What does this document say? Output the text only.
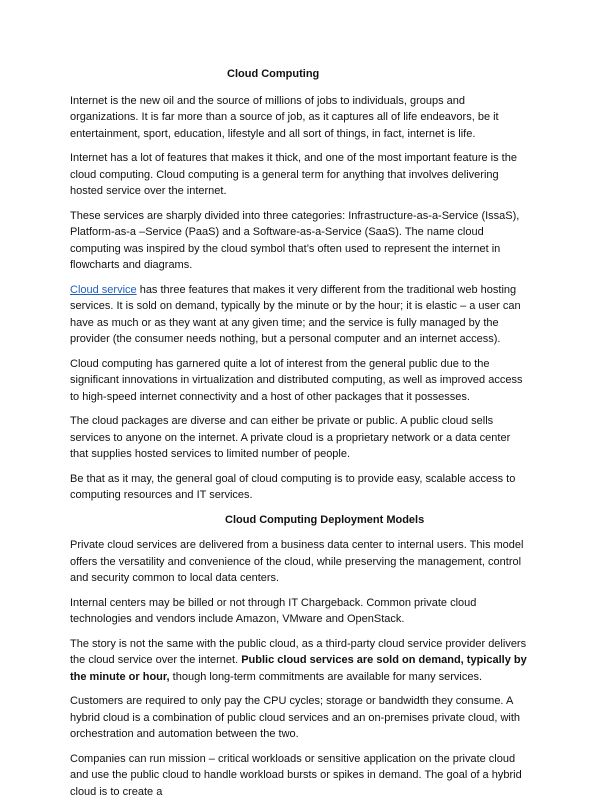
Cloud Computing

Internet is the new oil and the source of millions of jobs to individuals, groups and organizations. It is far more than a source of job, as it captures all of life endeavors, be it entertainment, sport, education, lifestyle and all sort of things, in fact, internet is life.

Internet has a lot of features that makes it thick, and one of the most important feature is the cloud computing. Cloud computing is a general term for anything that involves delivering hosted service over the internet.

These services are sharply divided into three categories: Infrastructure-as-a-Service (IssaS), Platform-as-a –Service (PaaS) and a Software-as-a-Service (SaaS). The name cloud computing was inspired by the cloud symbol that’s often used to represent the internet in flowcharts and diagrams.

Cloud service has three features that makes it very different from the traditional web hosting services. It is sold on demand, typically by the minute or by the hour; it is elastic – a user can have as much or as they want at any given time; and the service is fully managed by the provider (the consumer needs nothing, but a personal computer and an internet access).

Cloud computing has garnered quite a lot of interest from the general public due to the significant innovations in virtualization and distributed computing, as well as improved access to high-speed internet connectivity and a host of other packages that it possesses.

The cloud packages are diverse and can either be private or public. A public cloud sells services to anyone on the internet. A private cloud is a proprietary network or a data center that supplies hosted services to limited number of people.

Be that as it may, the general goal of cloud computing is to provide easy, scalable access to computing resources and IT services.

Cloud Computing Deployment Models

Private cloud services are delivered from a business data center to internal users. This model offers the versatility and convenience of the cloud, while preserving the management, control and security common to local data centers.

Internal centers may be billed or not through IT Chargeback. Common private cloud technologies and vendors include Amazon, VMware and OpenStack.

The story is not the same with the public cloud, as a third-party cloud service provider delivers the cloud service over the internet. Public cloud services are sold on demand, typically by the minute or hour, though long-term commitments are available for many services.

Customers are required to only pay the CPU cycles; storage or bandwidth they consume. A hybrid cloud is a combination of public cloud services and an on-premises private cloud, with orchestration and automation between the two.

Companies can run mission – critical workloads or sensitive application on the private cloud and use the public cloud to handle workload bursts or spikes in demand. The goal of a hybrid cloud is to create a
